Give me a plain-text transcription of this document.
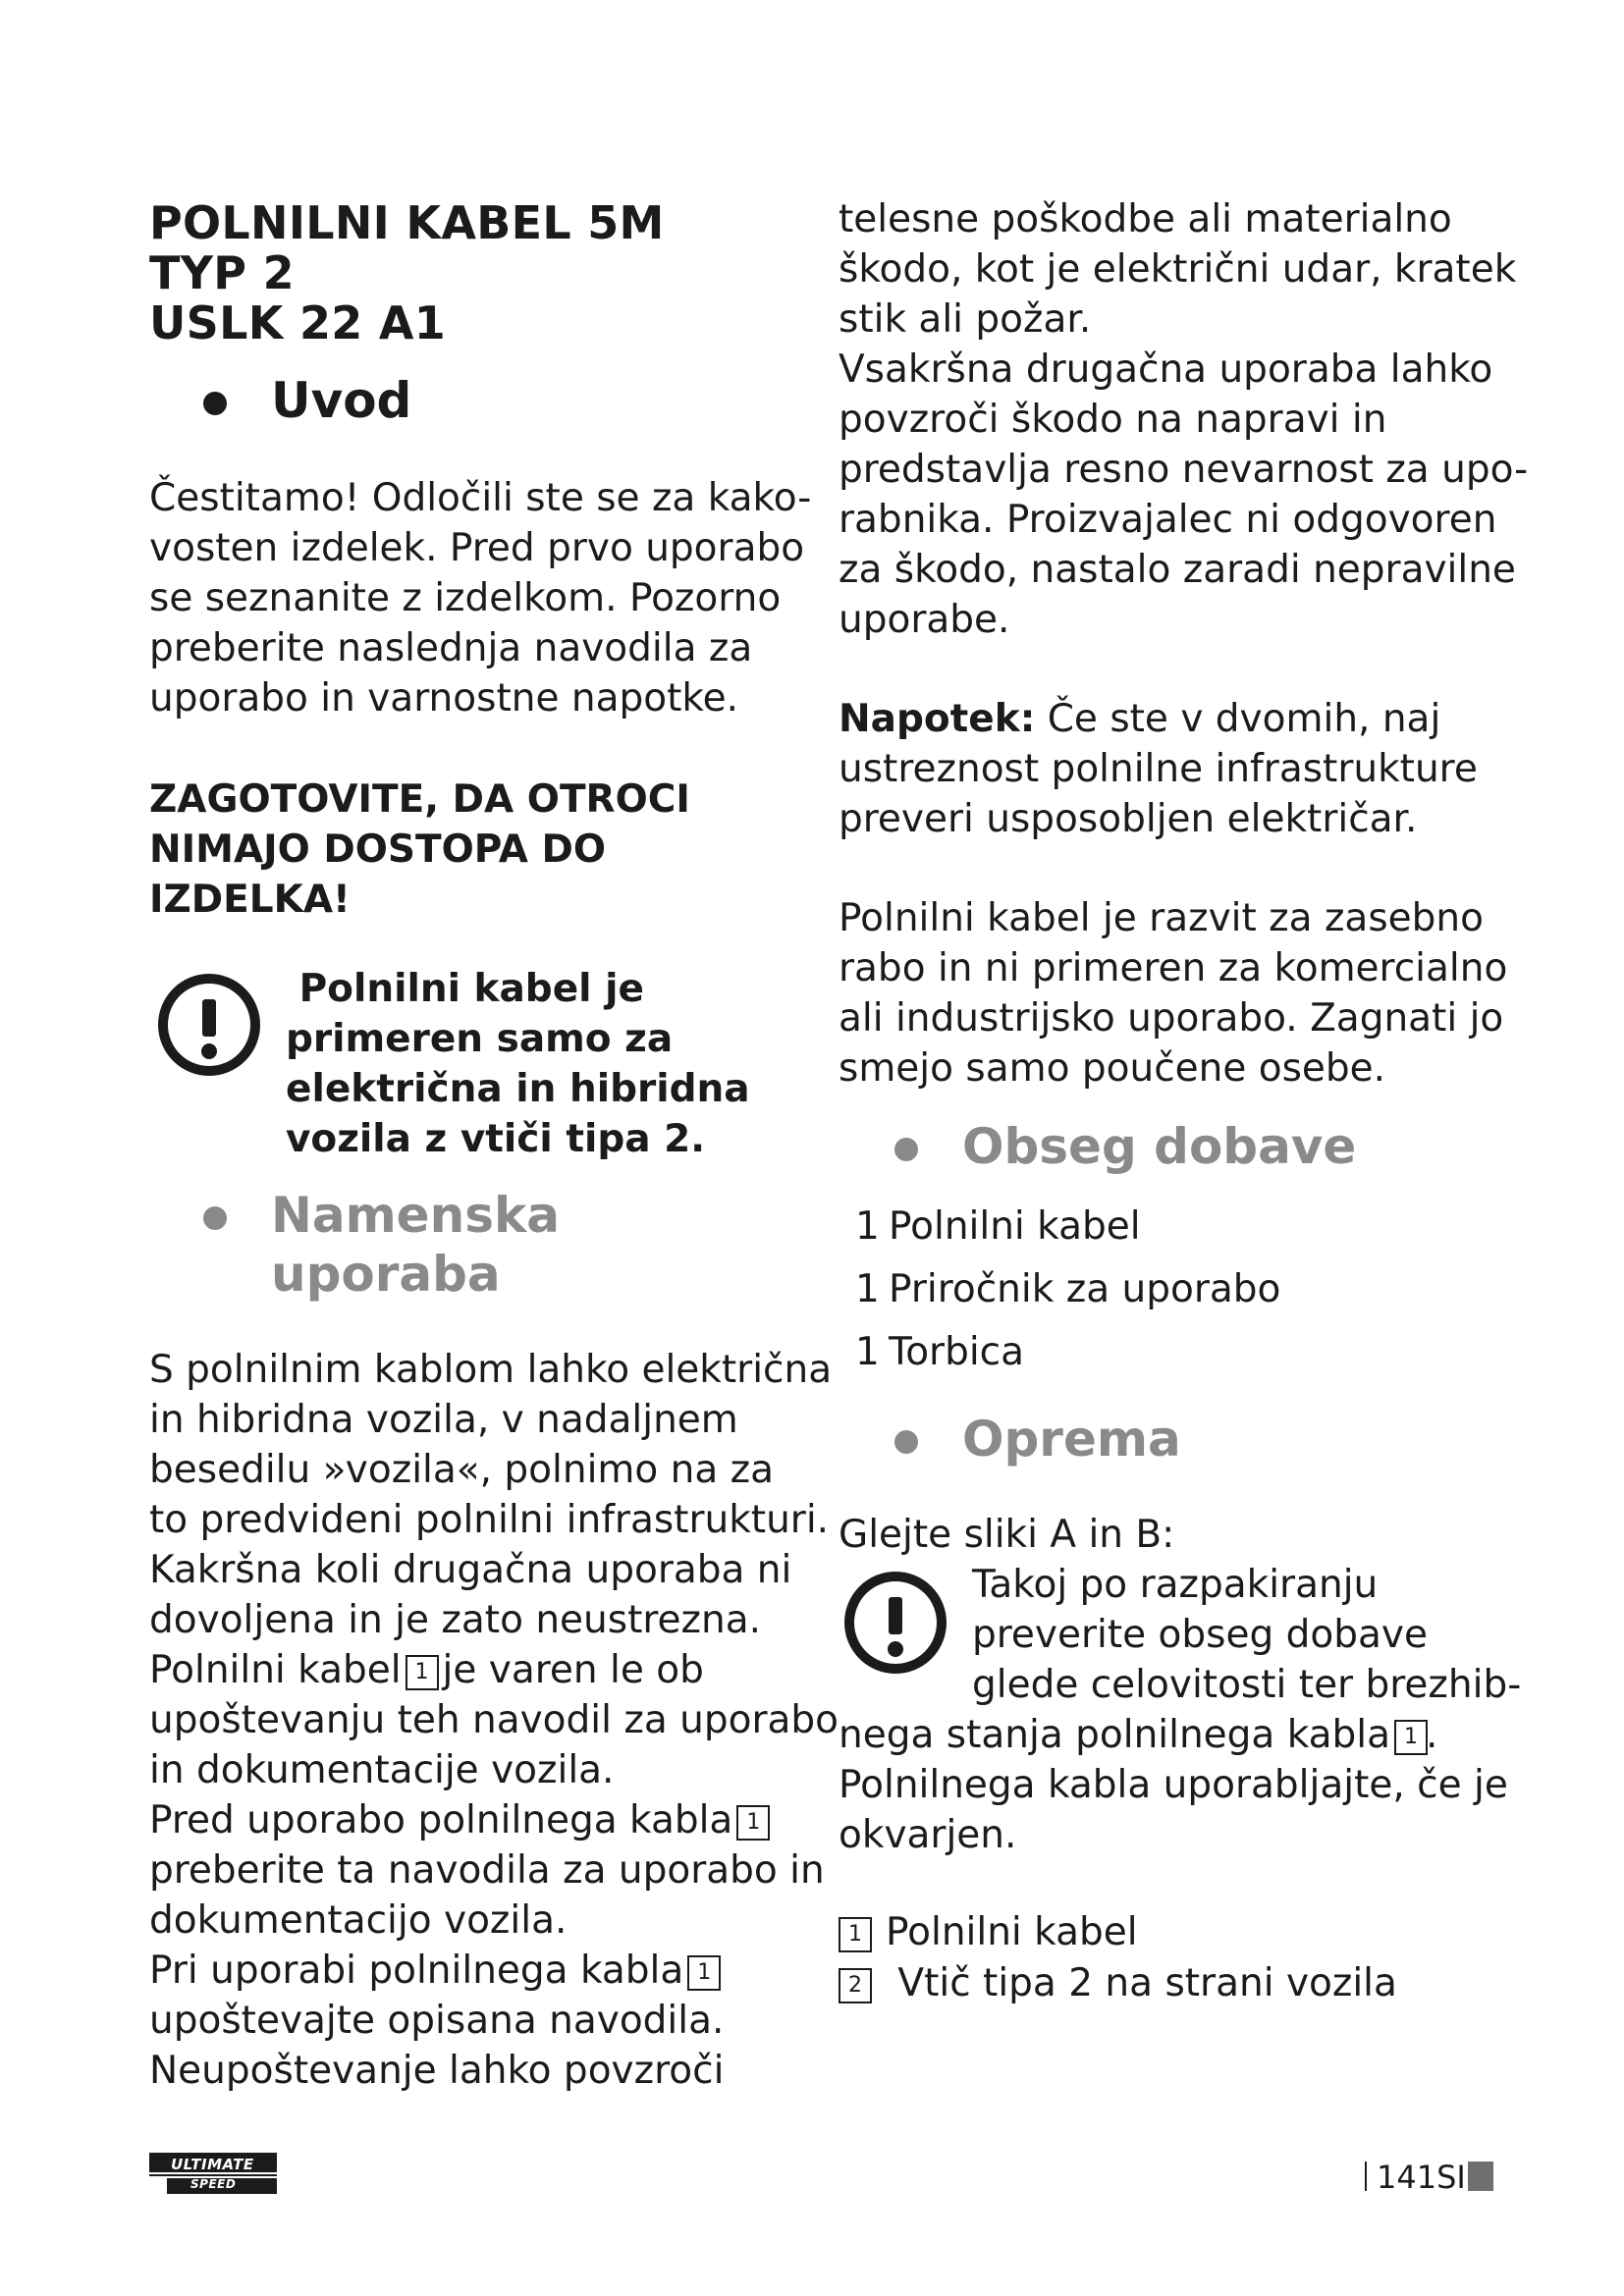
POLNILNI KABEL 5M

TYP 2

USLK 22 A1

Uvod
Čestitamo! Odločili ste se za kako-
vosten izdelek. Pred prvo uporabo
se seznanite z izdelkom. Pozorno
preberite naslednja navodila za
uporabo in varnostne napotke.
ZAGOTOVITE, DA OTROCI
NIMAJO DOSTOPA DO
IZDELKA!
Polnilni kabel je
primeren samo za
električna in hibridna
vozila z vtiči tipa 2.
Namenska uporaba
S polnilnim kablom lahko električna
in hibridna vozila, v nadaljnem
besedilu »vozila«, polnimo na za
to predvideni polnilni infrastrukturi.
Kakršna koli drugačna uporaba ni
dovoljena in je zato neustrezna.
Polnilni kabel 1 je varen le ob
upoštevanju teh navodil za uporabo
in dokumentacije vozila.
Pred uporabo polnilnega kabla 1
preberite ta navodila za uporabo in
dokumentacijo vozila.
Pri uporabi polnilnega kabla 1
upoštevajte opisana navodila.
Neupoštevanje lahko povzroči
telesne poškodbe ali materialno
škodo, kot je električni udar, kratek
stik ali požar.
Vsakršna drugačna uporaba lahko
povzroči škodo na napravi in
predstavlja resno nevarnost za upo-
rabnika. Proizvajalec ni odgovoren
za škodo, nastalo zaradi nepravilne
uporabe.
Napotek: Če ste v dvomih, naj
ustreznost polnilne infrastrukture
preveri usposobljen električar.
Polnilni kabel je razvit za zasebno
rabo in ni primeren za komercialno
ali industrijsko uporabo. Zagnati jo
smejo samo poučene osebe.
Obseg dobave
1 Polnilni kabel
1 Priročnik za uporabo
1 Torbica
Oprema
Glejte sliki A in B:
Takoj po razpakiranju
preverite obseg dobave
glede celovitosti ter brezhib-
nega stanja polnilnega kabla 1 .
Polnilnega kabla uporabljajte, če je
okvarjen.
1 Polnilni kabel
2 Vtič tipa 2 na strani vozila
ULTIMATE
SPEED	141SI
